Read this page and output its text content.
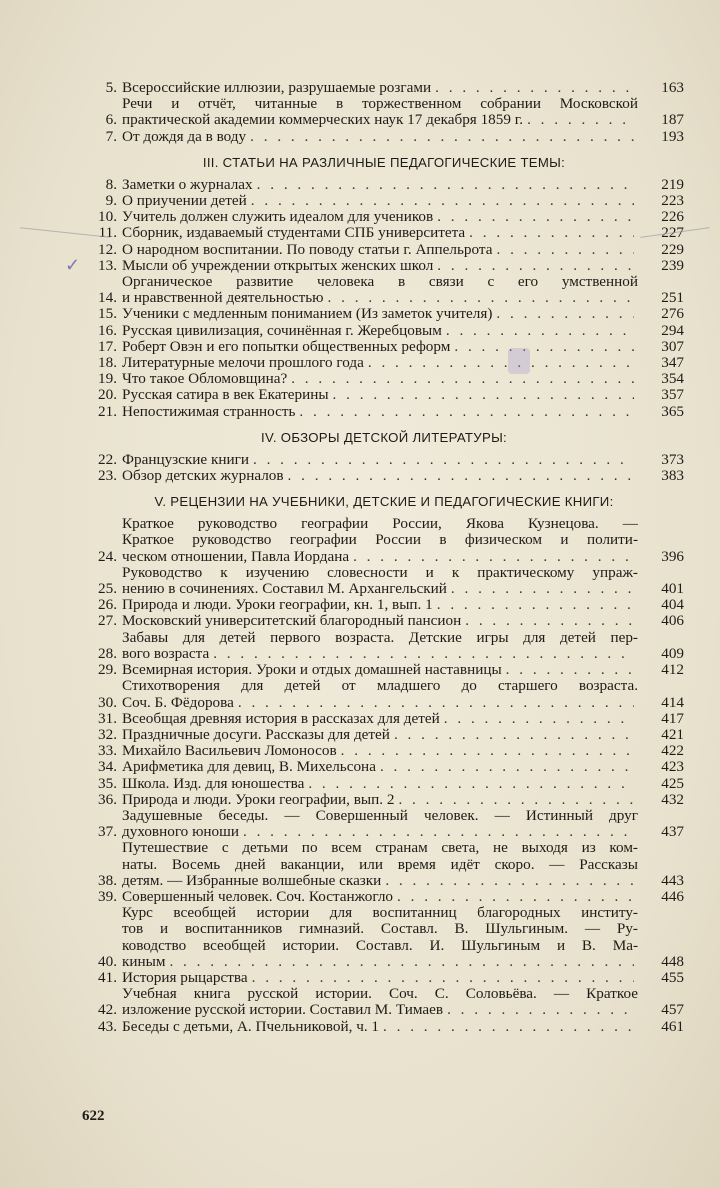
5. Всероссийские иллюзии, разрушаемые розгами . . .	163
6.
Речи и отчёт, читанные в торжественном собрании Московской
практической академии коммерческих наук 17 декабря 1859 г. . . .	187
7. От дождя да в воду . . .	193
III. СТАТЬИ НА РАЗЛИЧНЫЕ ПЕДАГОГИЧЕСКИЕ ТЕМЫ:
8. Заметки о журналах . . .	219
9. О приучении детей . . .	223
10. Учитель должен служить идеалом для учеников . . .	226
11. Сборник, издаваемый студентами СПБ университета . . .	227
12. О народном воспитании. По поводу статьи г. Аппельрота . . .	229
13. Мысли об учреждении открытых женских школ . . .	239
14.
Органическое развитие человека в связи с его умственной
и нравственной деятельностью . . .	251
15. Ученики с медленным пониманием (Из заметок учителя) . . .	276
16. Русская цивилизация, сочинённая г. Жеребцовым . . .	294
17. Роберт Овэн и его попытки общественных реформ . . .	307
18. Литературные мелочи прошлого года . . .	347
19. Что такое Обломовщина? . . .	354
20. Русская сатира в век Екатерины . . .	357
21. Непостижимая странность . . .	365
IV. ОБЗОРЫ ДЕТСКОЙ ЛИТЕРАТУРЫ:
22. Французские книги . . .	373
23. Обзор детских журналов . . .	383
V. РЕЦЕНЗИИ НА УЧЕБНИКИ, ДЕТСКИЕ И ПЕДАГОГИЧЕСКИЕ КНИГИ:
24.
Краткое руководство географии России, Якова Кузнецова. —
Краткое руководство географии России в физическом и полити-
ческом отношении, Павла Иордана . . .	396
25.
Руководство к изучению словесности и к практическому упраж-
нению в сочинениях. Составил М. Архангельский . . .	401
26. Природа и люди. Уроки географии, кн. 1, вып. 1 . . .	404
27. Московский университетский благородный пансион . . .	406
28.
Забавы для детей первого возраста. Детские игры для детей пер-
вого возраста . . .	409
29. Всемирная история. Уроки и отдых домашней наставницы . . .	412
30.
Стихотворения для детей от младшего до старшего возраста.
Соч. Б. Фёдорова . . .	414
31. Всеобщая древняя история в рассказах для детей . . .	417
32. Праздничные досуги. Рассказы для детей . . .	421
33. Михайло Васильевич Ломоносов . . .	422
34. Арифметика для девиц, В. Михельсона . . .	423
35. Школа. Изд. для юношества . . .	425
36. Природа и люди. Уроки географии, вып. 2 . . .	432
37.
Задушевные беседы. — Совершенный человек. — Истинный друг
духовного юноши . . .	437
38.
Путешествие с детьми по всем странам света, не выходя из ком-
наты. Восемь дней ваканции, или время идёт скоро. — Рассказы
детям. — Избранные волшебные сказки . . .	443
39. Совершенный человек. Соч. Костанжогло . . .	446
40.
Курс всеобщей истории для воспитанниц благородных институ-
тов и воспитанников гимназий. Составл. В. Шульгиным. — Ру-
ководство всеобщей истории. Составл. И. Шульгиным и В. Ма-
киным . . .	448
41. История рыцарства . . .	455
42.
Учебная книга русской истории. Соч. С. Соловьёва. — Краткое
изложение русской истории. Составил М. Тимаев . . .	457
43. Беседы с детьми, А. Пчельниковой, ч. 1 . . .	461
622
✓
